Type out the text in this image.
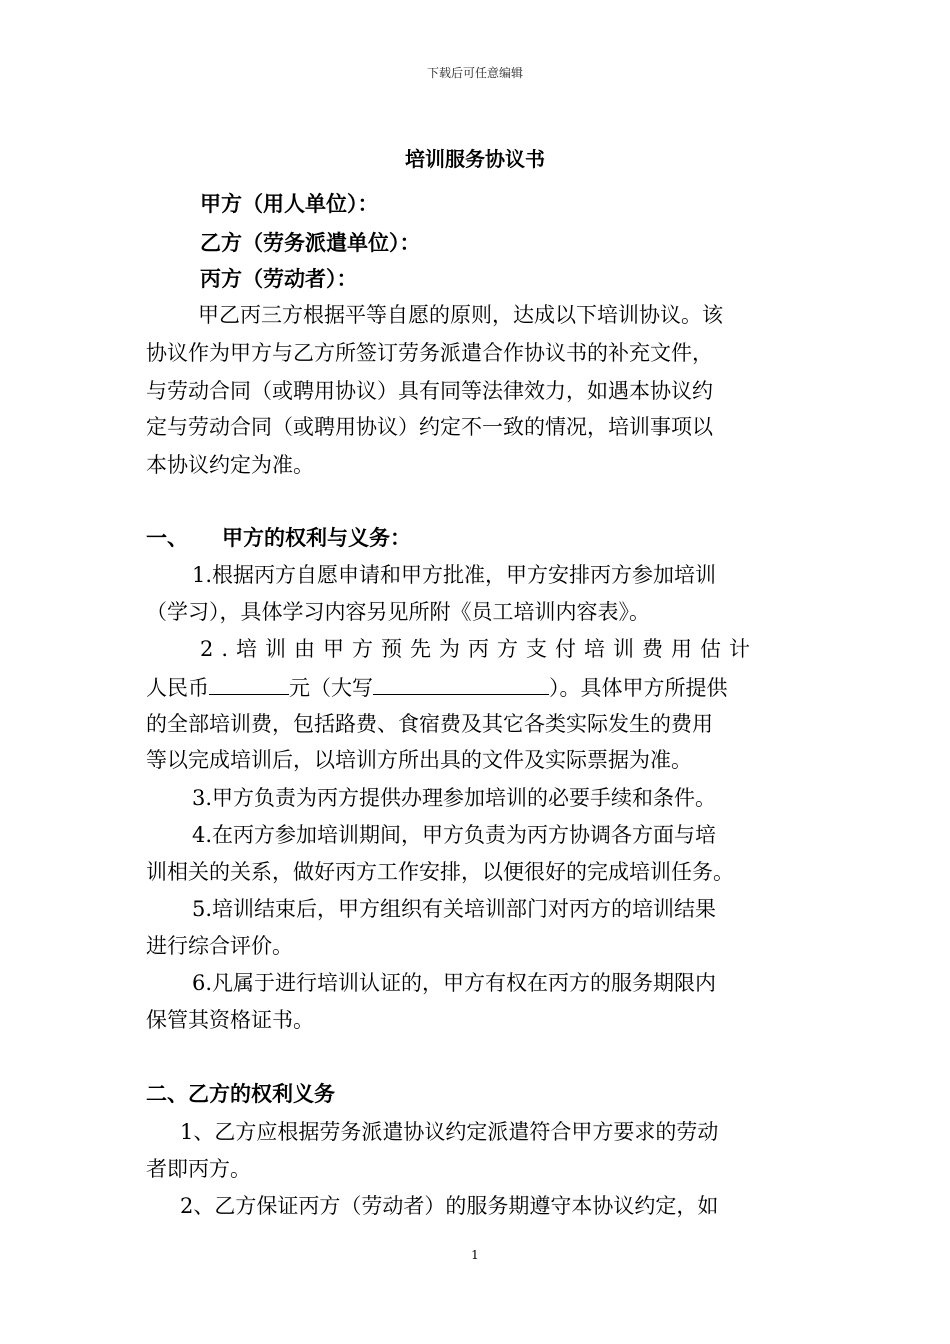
下载后可任意编辑
培训服务协议书
甲方（用人单位）：
乙方（劳务派遣单位）：
丙方（劳动者）：
甲乙丙三方根据平等自愿的原则，达成以下培训协议。该
协议作为甲方与乙方所签订劳务派遣合作协议书的补充文件，
与劳动合同（或聘用协议）具有同等法律效力，如遇本协议约
定与劳动合同（或聘用协议）约定不一致的情况，培训事项以
本协议约定为准。
一、 甲方的权利与义务：
1.根据丙方自愿申请和甲方批准，甲方安排丙方参加培训
（学习），具体学习内容另见所附《员工培训内容表》。
2.培训由甲方预先为丙方支付培训费用估计
人民币	元（大写	）。具体甲方所提供
的全部培训费，包括路费、食宿费及其它各类实际发生的费用
等以完成培训后，以培训方所出具的文件及实际票据为准。
3.甲方负责为丙方提供办理参加培训的必要手续和条件。
4.在丙方参加培训期间，甲方负责为丙方协调各方面与培
训相关的关系，做好丙方工作安排，以便很好的完成培训任务。
5.培训结束后，甲方组织有关培训部门对丙方的培训结果
进行综合评价。
6.凡属于进行培训认证的，甲方有权在丙方的服务期限内
保管其资格证书。
二、乙方的权利义务
1、乙方应根据劳务派遣协议约定派遣符合甲方要求的劳动
者即丙方。
2、乙方保证丙方（劳动者）的服务期遵守本协议约定，如
1
